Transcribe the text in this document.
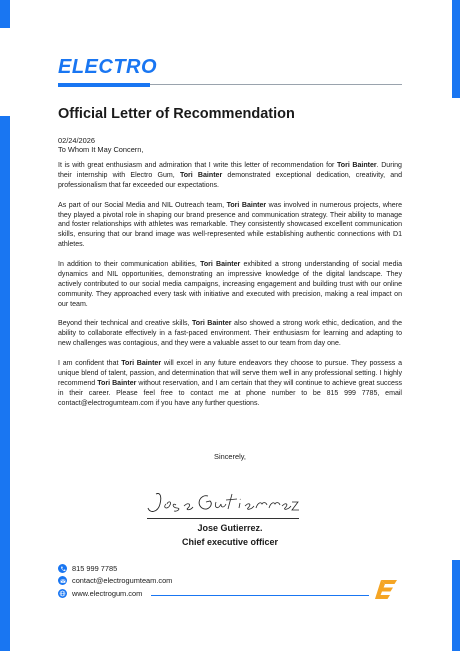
ELECTRO
Official Letter of Recommendation
02/24/2026
To Whom It May Concern,

It is with great enthusiasm and admiration that I write this letter of recommendation for Tori Bainter. During their internship with Electro Gum, Tori Bainter demonstrated exceptional dedication, creativity, and professionalism that far exceeded our expectations.

As part of our Social Media and NIL Outreach team, Tori Bainter was involved in numerous projects, where they played a pivotal role in shaping our brand presence and communication strategy. Their ability to manage and foster relationships with athletes was remarkable. They consistently showcased excellent communication skills, ensuring that our brand image was well-represented while establishing authentic connections with D1 athletes.

In addition to their communication abilities, Tori Bainter exhibited a strong understanding of social media dynamics and NIL opportunities, demonstrating an impressive knowledge of the digital landscape. They actively contributed to our social media campaigns, increasing engagement and building trust with our online community. They approached every task with initiative and executed with precision, making a real impact on our team.

Beyond their technical and creative skills, Tori Bainter also showed a strong work ethic, dedication, and the ability to collaborate effectively in a fast-paced environment. Their enthusiasm for learning and adapting to new challenges was contagious, and they were a valuable asset to our team from day one.

I am confident that Tori Bainter will excel in any future endeavors they choose to pursue. They possess a unique blend of talent, passion, and determination that will serve them well in any professional setting. I highly recommend Tori Bainter without reservation, and I am certain that they will continue to achieve great success in their career. Please feel free to contact me at phone number to be 815 999 7785, email contact@electrogumteam.com if you have any further questions.

Sincerely,
Jose Gutierrez.
Chief executive officer
815 999 7785
contact@electrogumteam.com
www.electrogum.com
